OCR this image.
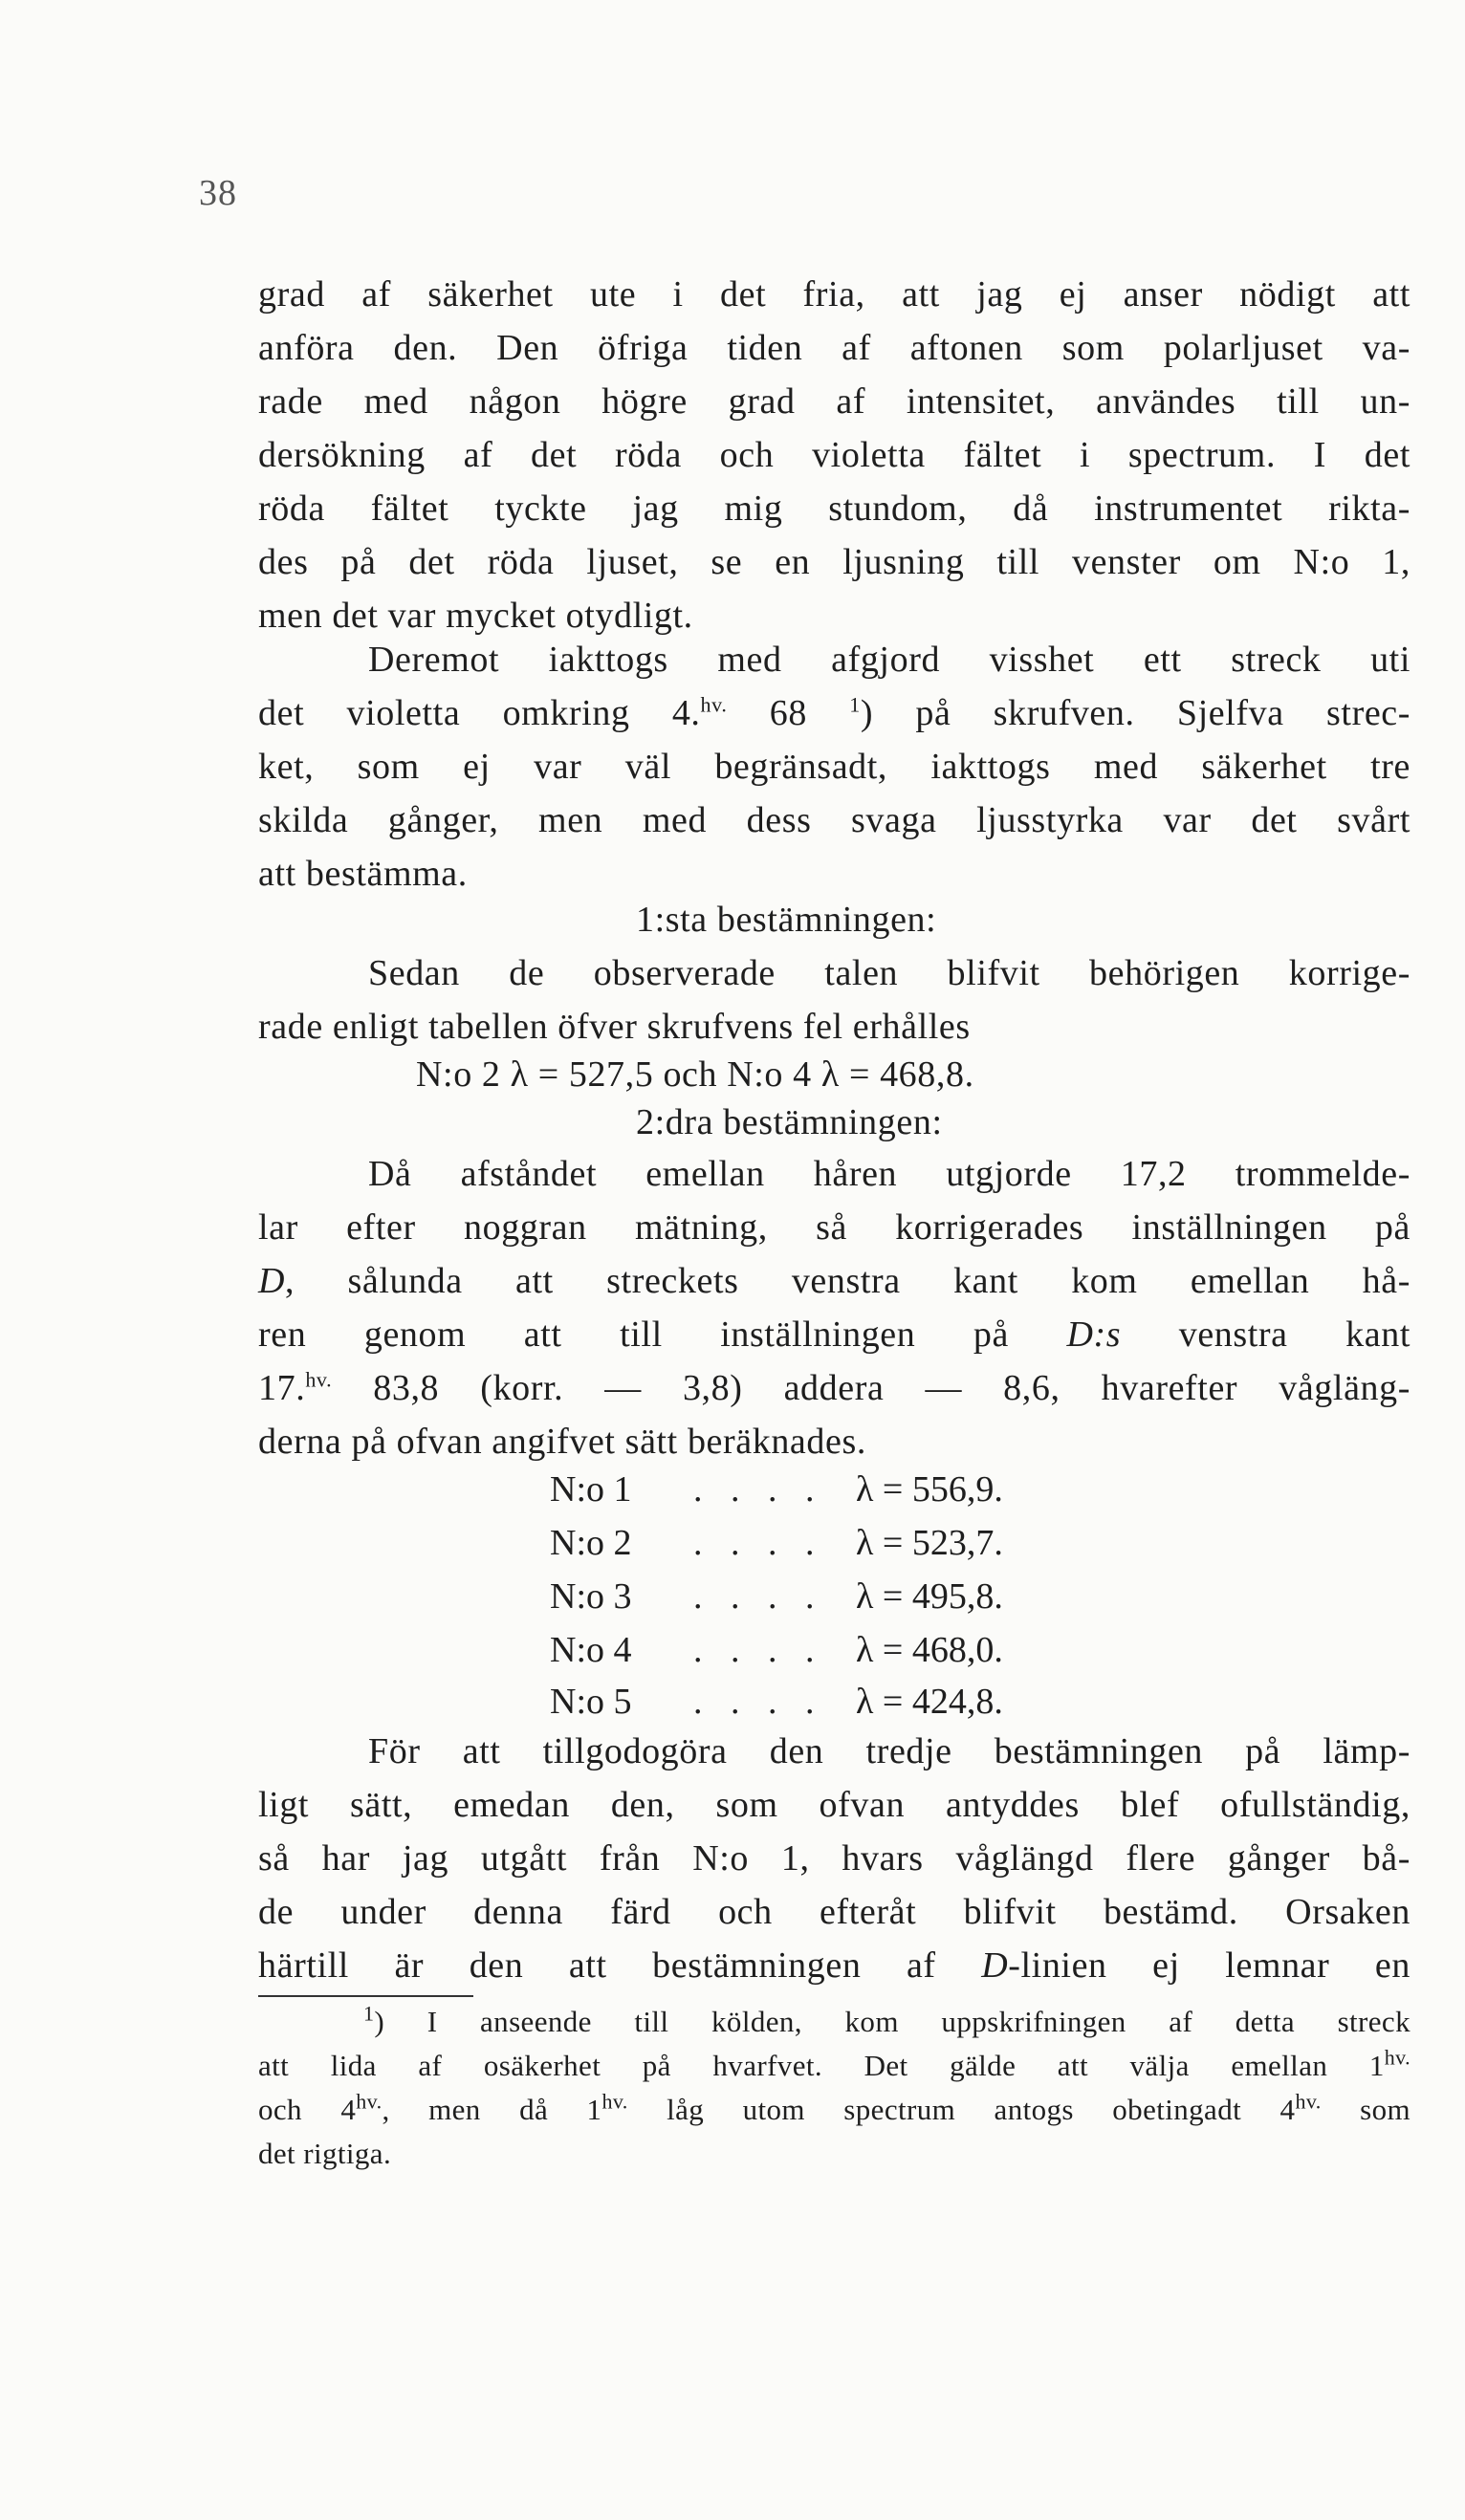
38
grad af säkerhet ute i det fria, att jag ej anser nödigt att
anföra den. Den öfriga tiden af aftonen som polarljuset va-
rade med någon högre grad af intensitet, användes till un-
dersökning af det röda och violetta fältet i spectrum. I det
röda fältet tyckte jag mig stundom, då instrumentet rikta-
des på det röda ljuset, se en ljusning till venster om N:o 1,
men det var mycket otydligt.
Deremot iakttogs med afgjord visshet ett streck uti
det violetta omkring 4.$^{hv.}$ 68 $^1$) på skrufven. Sjelfva strec-
ket, som ej var väl begränsadt, iakttogs med säkerhet tre
skilda gånger, men med dess svaga ljusstyrka var det svårt
att bestämma.
1:sta bestämningen:
Sedan de observerade talen blifvit behörigen korrige-
rade enligt tabellen öfver skrufvens fel erhålles
N:o 2 λ = 527,5 och N:o 4 λ = 468,8.
2:dra bestämningen:
Då afståndet emellan håren utgjorde 17,2 trommelde-
lar efter noggran mätning, så korrigerades inställningen på
D, sålunda att streckets venstra kant kom emellan hå-
ren genom att till inställningen på D:s venstra kant
17.$^{hv.}$ 83,8 (korr. — 3,8) addera — 8,6, hvarefter vågläng-
derna på ofvan angifvet sätt beräknades.
N:o 1 . . . . λ = 556,9.
N:o 2 . . . . λ = 523,7.
N:o 3 . . . . λ = 495,8.
N:o 4 . . . . λ = 468,0.
N:o 5 . . . . λ = 424,8.
För att tillgodogöra den tredje bestämningen på lämp-
ligt sätt, emedan den, som ofvan antyddes blef ofullständig,
så har jag utgått från N:o 1, hvars våglängd flere gånger bå-
de under denna färd och efteråt blifvit bestämd. Orsaken
härtill är den att bestämningen af D-linien ej lemnar en
$^1$) I anseende till kölden, kom uppskrifningen af detta streck
att lida af osäkerhet på hvarfvet. Det gälde att välja emellan $1^{hv.}$
och $4^{hv.}$, men då $1^{hv.}$ låg utom spectrum antogs obetingadt $4^{hv.}$ som
det rigtiga.
